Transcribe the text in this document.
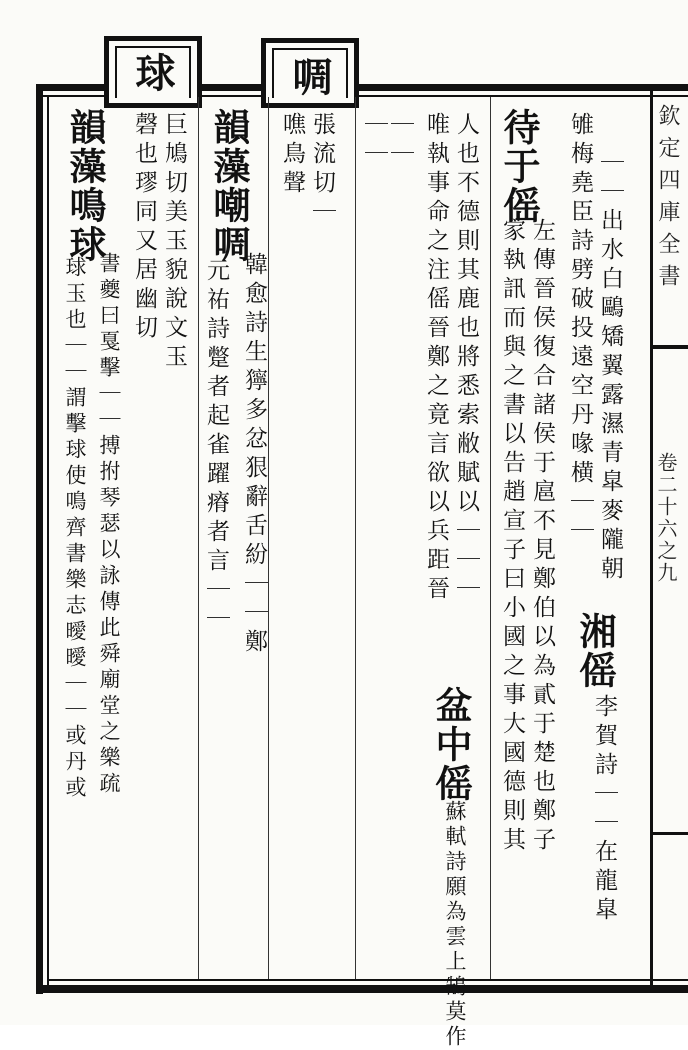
球	啁
欽定四庫全書
卷二十六之九
雊梅堯臣詩劈破投遠空丹喙横｜｜ ｜｜出水白鷗矯翼露濕青皐麥隴朝
湘傜
李賀詩｜｜在龍皐
家執訊而與之書以告趙宣子曰小國之事大國德則其
待于傜
左傳晉侯復合諸侯于扈不見鄭伯以為貳于楚也鄭子
人也不德則其鹿也將悉索敝賦以｜｜｜
盆中傜
蘇軾詩願為雲上鵠莫作
唯執事命之注傜晉鄭之竟言欲以兵距晉
｜｜
｜｜
噍鳥聲 張流切｜
韻藻嘲啁
韓愈詩生獰多忿狠辭舌紛｜｜鄭
元祐詩蹩者起雀躍瘠者言｜｜
巨鳩切美玉貌說文玉
磬也璆同又居幽切
韻藻鳴球
書夔曰戛擊｜｜搏拊琴瑟以詠傳此舜廟堂之樂疏
球玉也｜｜謂擊球使鳴齊書樂志曖曖｜｜或丹或
